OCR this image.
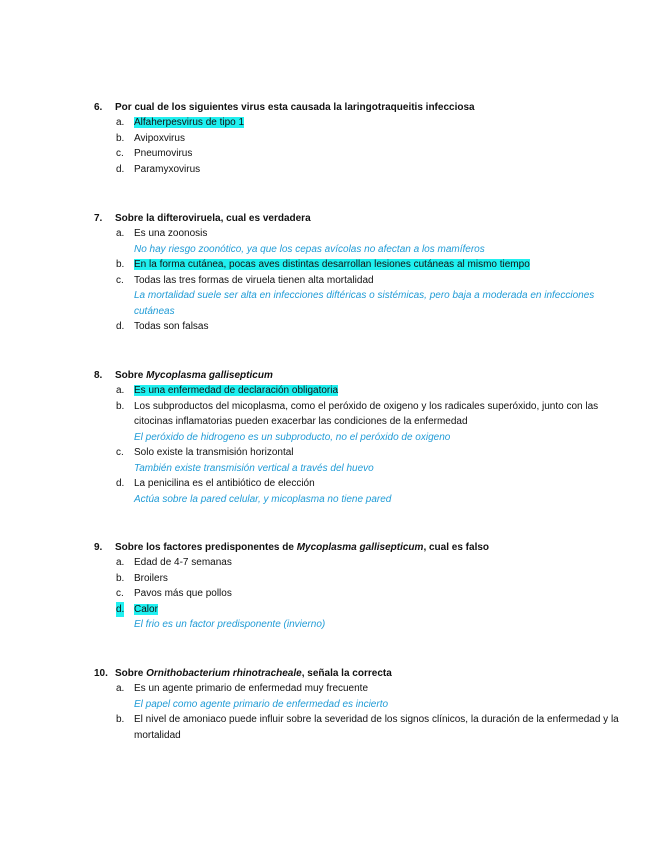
6. Por cual de los siguientes virus esta causada la laringotraqueitis infecciosa
a. Alfaherpesvirus de tipo 1
b. Avipoxvirus
c. Pneumovirus
d. Paramyxovirus
7. Sobre la difteroviruela, cual es verdadera
a. Es una zoonosis
No hay riesgo zoonótico, ya que los cepas avícolas no afectan a los mamíferos
b. En la forma cutánea, pocas aves distintas desarrollan lesiones cutáneas al mismo tiempo
c. Todas las tres formas de viruela tienen alta mortalidad
La mortalidad suele ser alta en infecciones diftéricas o sistémicas, pero baja a moderada en infecciones cutáneas
d. Todas son falsas
8. Sobre Mycoplasma gallisepticum
a. Es una enfermedad de declaración obligatoria
b. Los subproductos del micoplasma, como el peróxido de oxigeno y los radicales superóxido, junto con las citocinas inflamatorias pueden exacerbar las condiciones de la enfermedad
El peróxido de hidrogeno es un subproducto, no el peróxido de oxigeno
c. Solo existe la transmisión horizontal
También existe transmisión vertical a través del huevo
d. La penicilina es el antibiótico de elección
Actúa sobre la pared celular, y micoplasma no tiene pared
9. Sobre los factores predisponentes de Mycoplasma gallisepticum, cual es falso
a. Edad de 4-7 semanas
b. Broilers
c. Pavos más que pollos
d. Calor
El frio es un factor predisponente (invierno)
10. Sobre Ornithobacterium rhinotracheale, señala la correcta
a. Es un agente primario de enfermedad muy frecuente
El papel como agente primario de enfermedad es incierto
b. El nivel de amoniaco puede influir sobre la severidad de los signos clínicos, la duración de la enfermedad y la mortalidad
